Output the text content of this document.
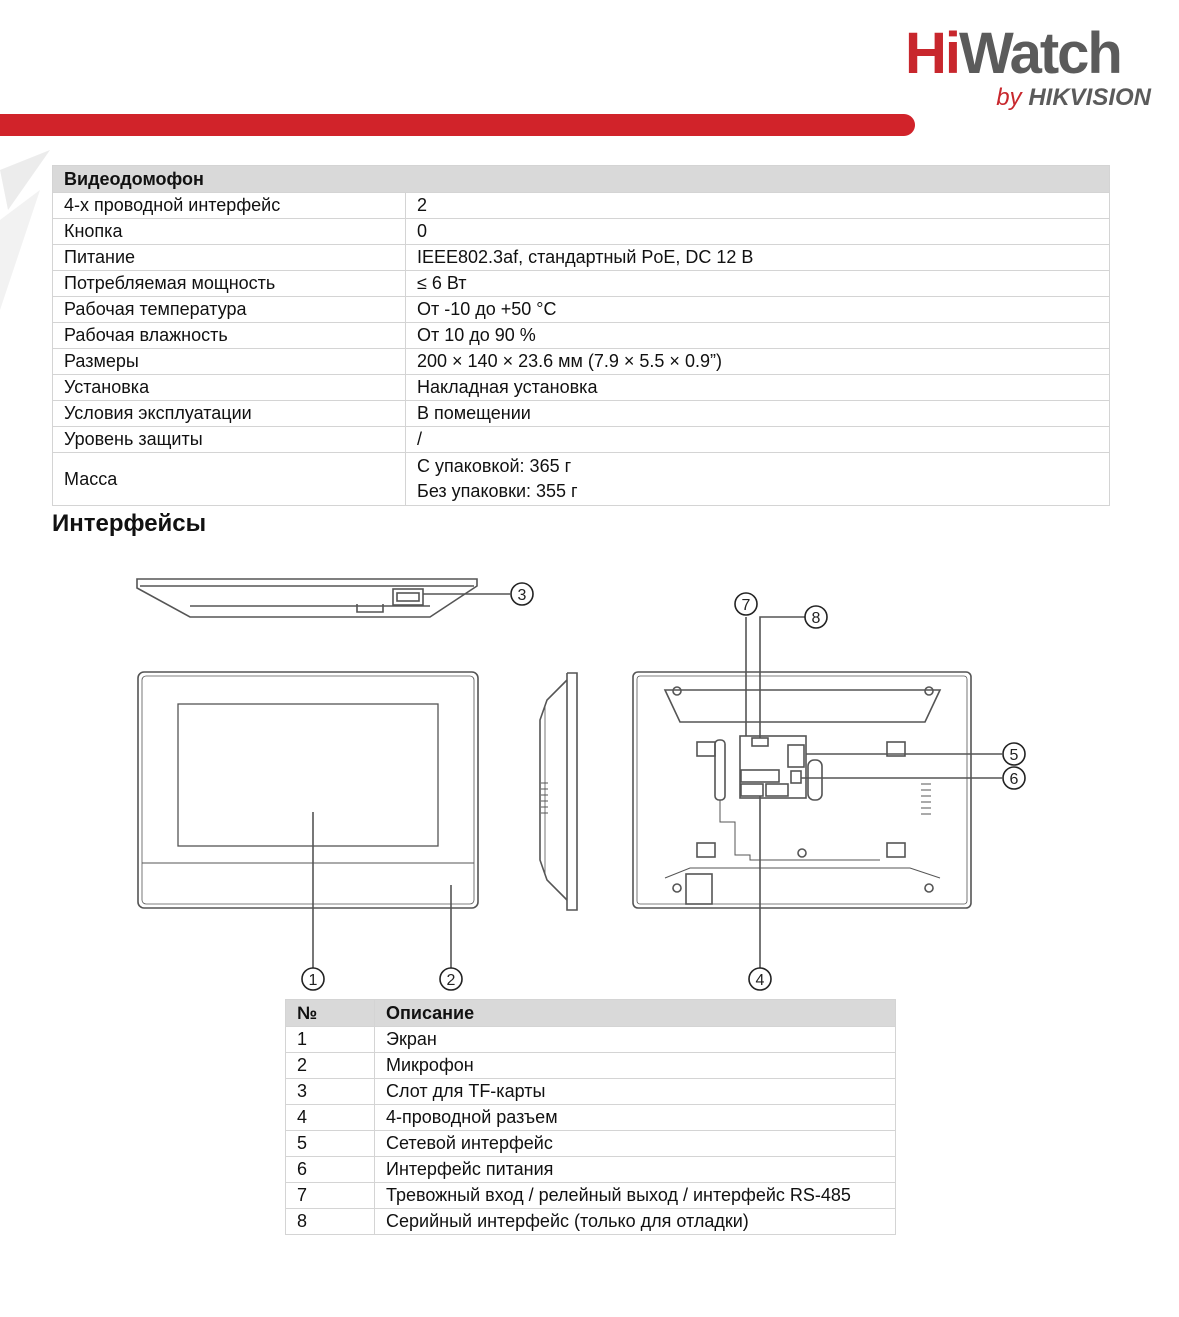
HiWatch
by HIKVISION
Видеодомофон	
4-х проводной интерфейс	2
Кнопка	0
Питание	IEEE802.3af, стандартный PoE, DC 12 В
Потребляемая мощность	≤ 6 Вт
Рабочая температура	От -10 до +50 °C
Рабочая влажность	От 10 до 90 %
Размеры	200 × 140 × 23.6 мм (7.9 × 5.5 × 0.9”)
Установка	Накладная установка
Условия эксплуатации	В помещении
Уровень защиты	/
Масса	С упаковкой: 365 г
Без упаковки: 355 г
Интерфейсы
1	2
3
4
5
6
7
8
№	Описание
1	Экран
2	Микрофон
3	Слот для TF-карты
4	4-проводной разъем
5	Сетевой интерфейс
6	Интерфейс питания
7	Тревожный вход / релейный выход / интерфейс RS-485
8	Серийный интерфейс (только для отладки)
